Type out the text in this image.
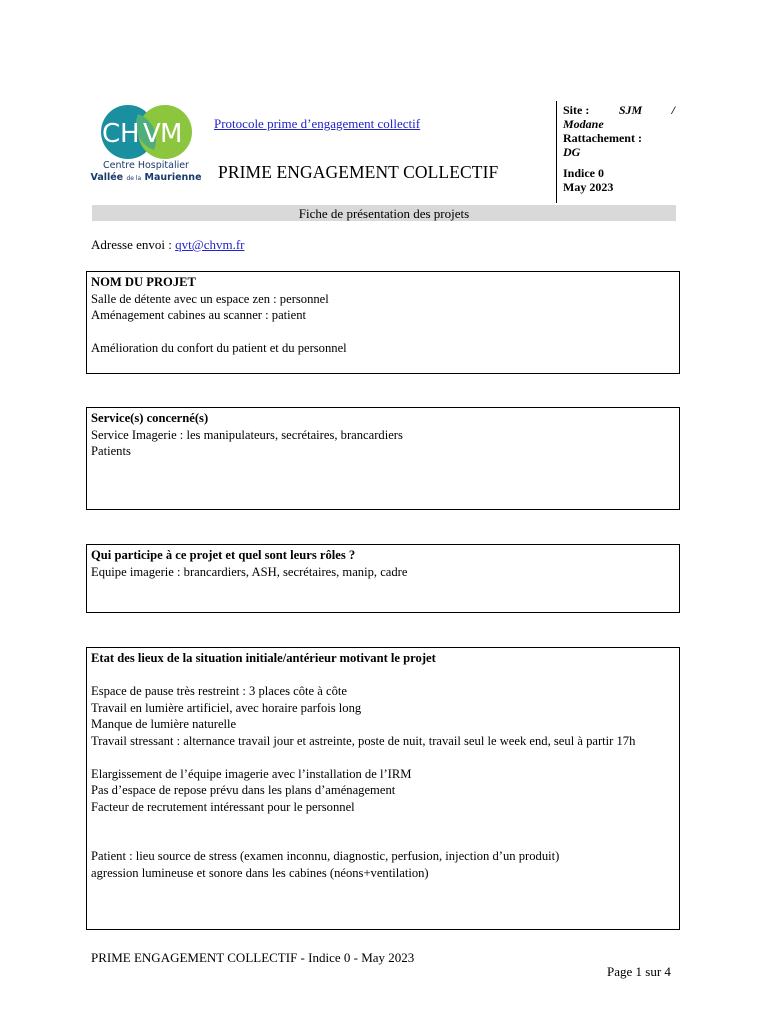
C H V M
Centre Hospitalier
Vallée de la Maurienne
Protocole prime d’engagement collectif
PRIME ENGAGEMENT COLLECTIF
Site : SJM /
Modane
Rattachement :
DG
Indice 0
May 2023
Fiche de présentation des projets
Adresse envoi : qvt@chvm.fr
NOM DU PROJET
Salle de détente avec un espace zen : personnel
Aménagement cabines au scanner : patient
Amélioration du confort du patient et du personnel
Service(s) concerné(s)
Service Imagerie : les manipulateurs, secrétaires, brancardiers
Patients
Qui participe à ce projet et quel sont leurs rôles ?
Equipe imagerie : brancardiers, ASH, secrétaires, manip, cadre
Etat des lieux de la situation initiale/antérieur motivant le projet
Espace de pause très restreint : 3 places côte à côte
Travail en lumière artificiel, avec horaire parfois long
Manque de lumière naturelle
Travail stressant : alternance travail jour et astreinte, poste de nuit, travail seul le week end, seul à partir 17h
Elargissement de l’équipe imagerie avec l’installation de l’IRM
Pas d’espace de repose prévu dans les plans d’aménagement
Facteur de recrutement intéressant pour le personnel
Patient : lieu source de stress (examen inconnu, diagnostic, perfusion, injection d’un produit)
agression lumineuse et sonore dans les cabines (néons+ventilation)
PRIME ENGAGEMENT COLLECTIF - Indice 0 - May 2023
Page 1 sur 4
